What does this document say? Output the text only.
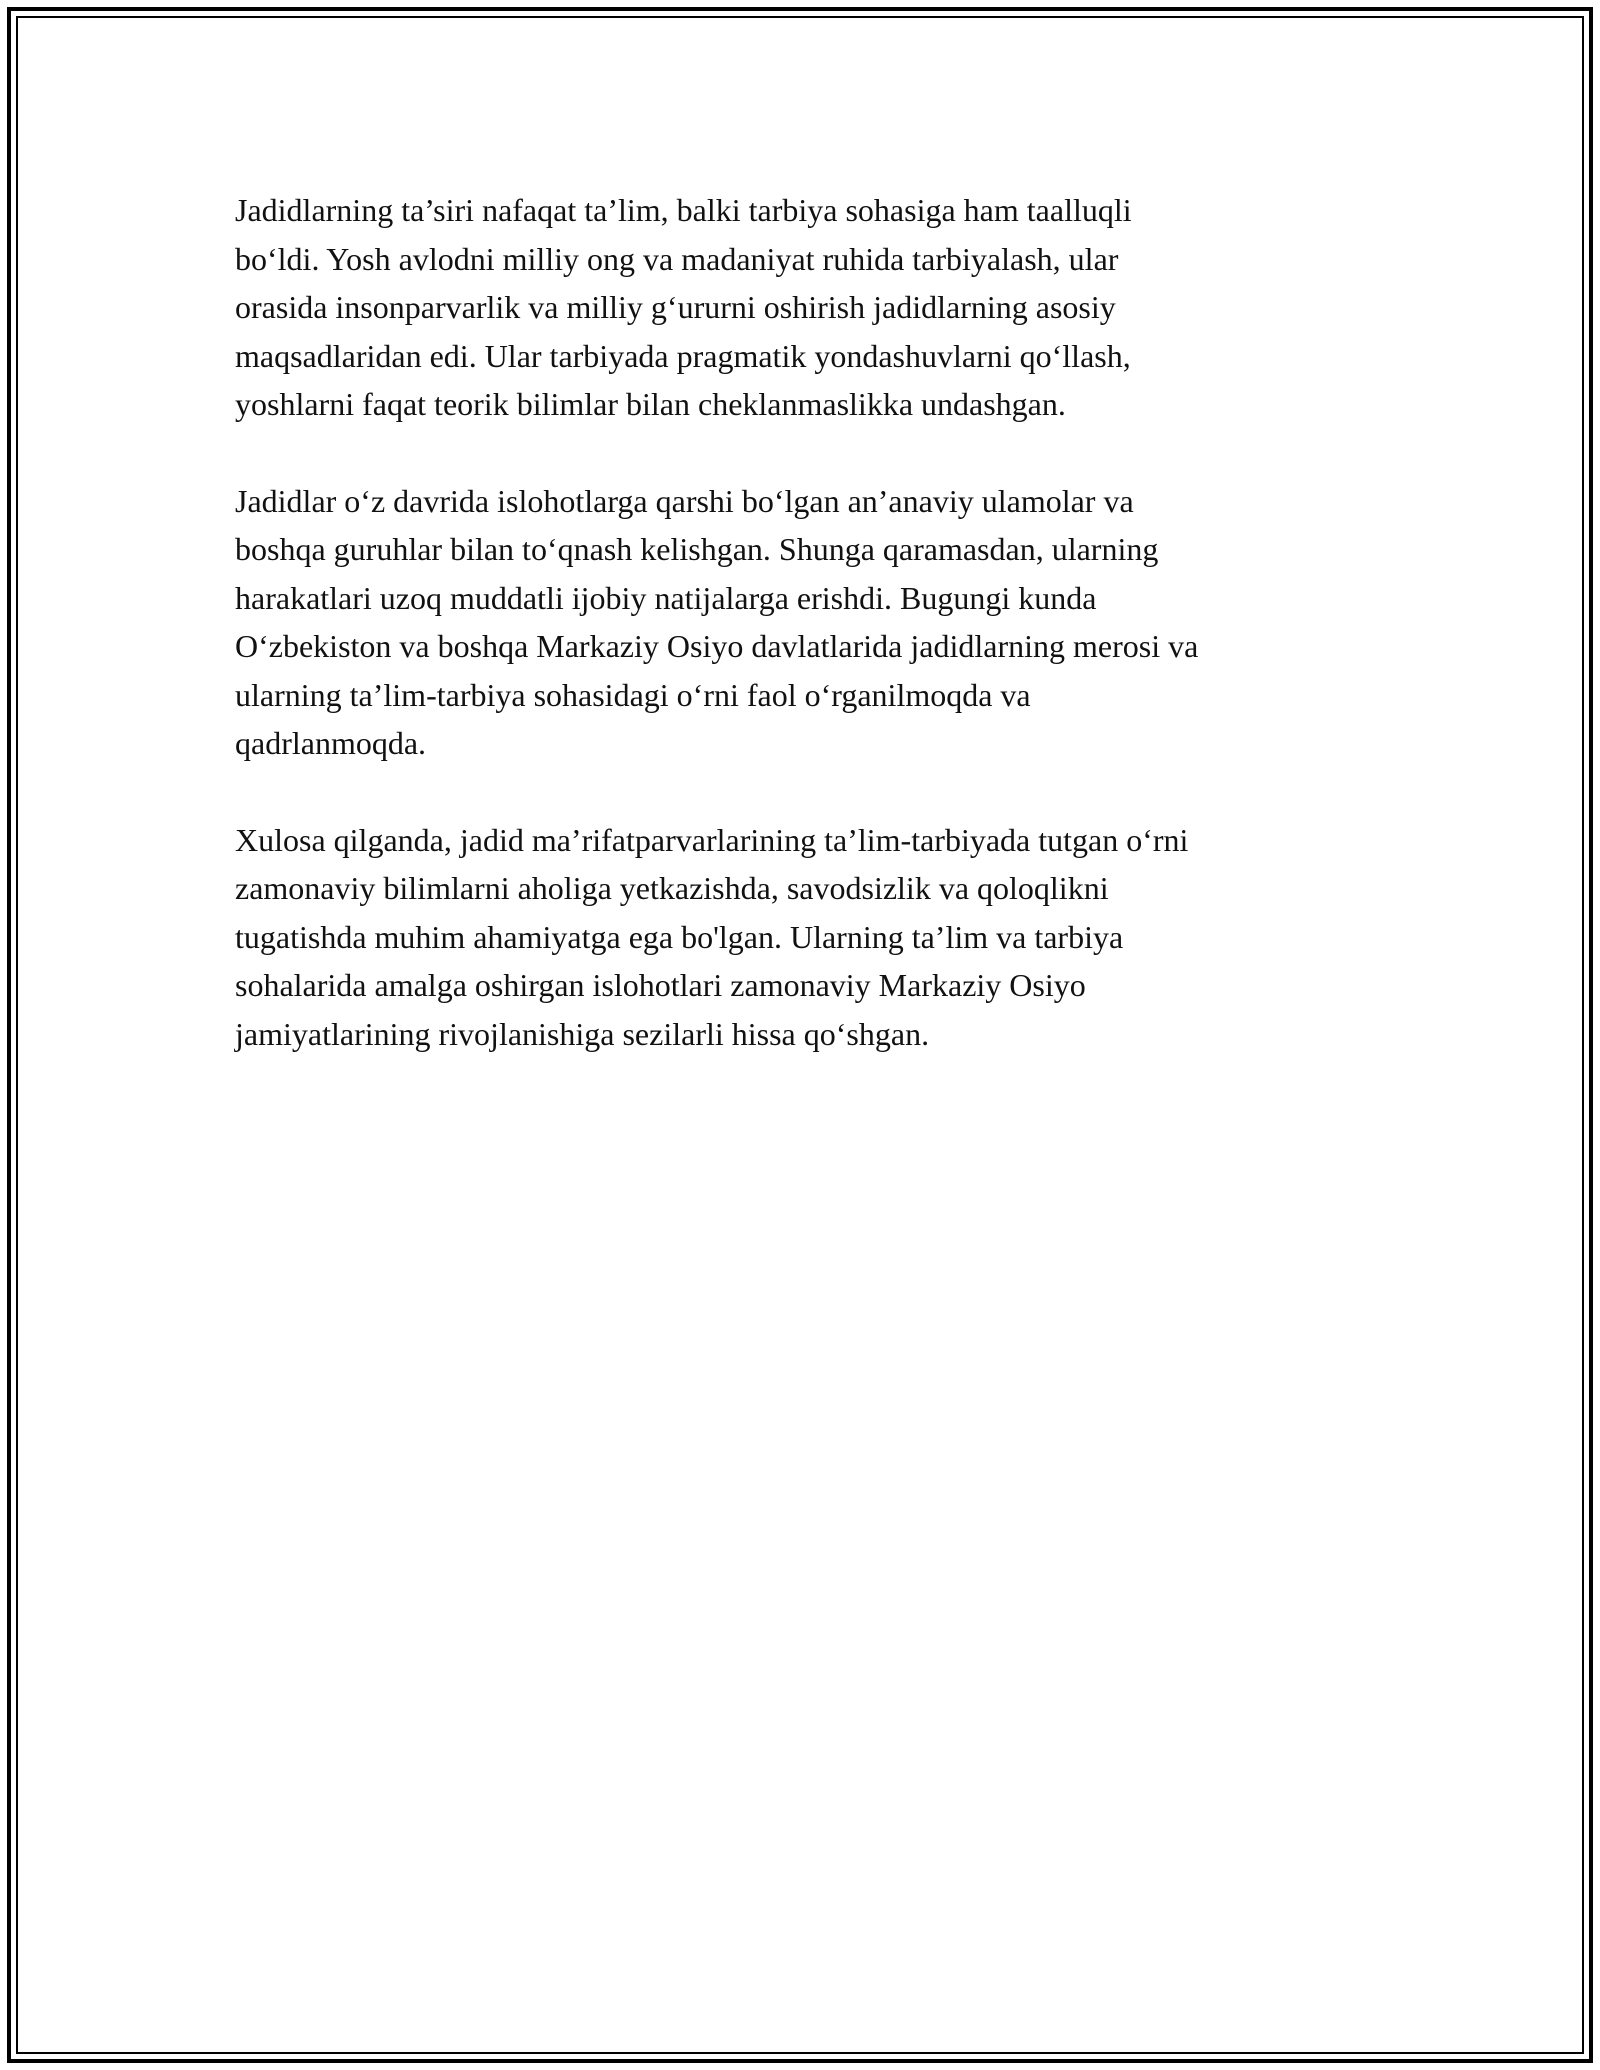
Jadidlarning ta’siri nafaqat ta’lim, balki tarbiya sohasiga ham taalluqli
bo‘ldi. Yosh avlodni milliy ong va madaniyat ruhida tarbiyalash, ular
orasida insonparvarlik va milliy g‘ururni oshirish jadidlarning asosiy
maqsadlaridan edi. Ular tarbiyada pragmatik yondashuvlarni qo‘llash,
yoshlarni faqat teorik bilimlar bilan cheklanmaslikka undashgan.

Jadidlar o‘z davrida islohotlarga qarshi bo‘lgan an’anaviy ulamolar va
boshqa guruhlar bilan to‘qnash kelishgan. Shunga qaramasdan, ularning
harakatlari uzoq muddatli ijobiy natijalarga erishdi. Bugungi kunda
O‘zbekiston va boshqa Markaziy Osiyo davlatlarida jadidlarning merosi va
ularning ta’lim-tarbiya sohasidagi o‘rni faol o‘rganilmoqda va
qadrlanmoqda.

Xulosa qilganda, jadid ma’rifatparvarlarining ta’lim-tarbiyada tutgan o‘rni
zamonaviy bilimlarni aholiga yetkazishda, savodsizlik va qoloqlikni
tugatishda muhim ahamiyatga ega bo'lgan. Ularning ta’lim va tarbiya
sohalarida amalga oshirgan islohotlari zamonaviy Markaziy Osiyo
jamiyatlarining rivojlanishiga sezilarli hissa qo‘shgan.
